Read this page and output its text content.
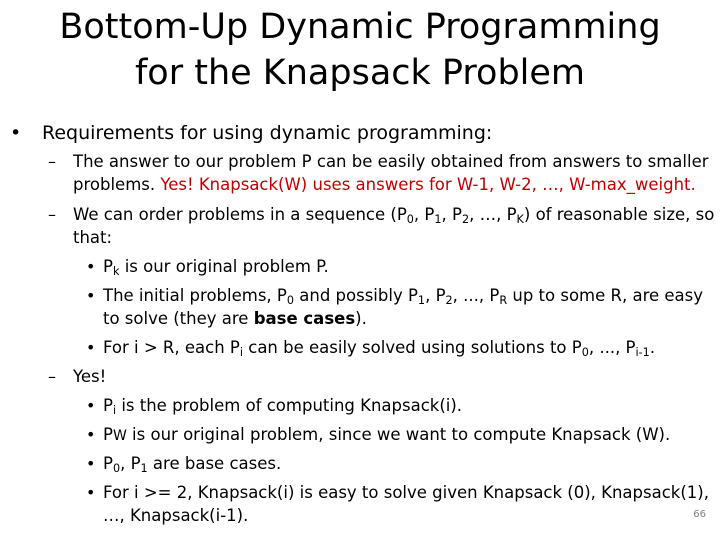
Bottom-Up Dynamic Programming
for the Knapsack Problem
• Requirements for using dynamic programming:
– The answer to our problem P can be easily obtained from answers to smaller
problems. Yes! Knapsack(W) uses answers for W-1, W-2, …, W-max_weight.
– We can order problems in a sequence ($P_0$, $P_1$, $P_2$, …, $P_K$) of reasonable size, so
that:
• $P_k$ is our original problem P.
• The initial problems, $P_0$ and possibly $P_1$, $P_2$, ..., $P_R$ up to some R, are easy
to solve (they are base cases).
• For i > R, each $P_i$ can be easily solved using solutions to $P_0$, ..., $P_{i-1}$.
– Yes!
• $P_i$ is the problem of computing Knapsack(i).
• PW is our original problem, since we want to compute Knapsack (W).
• $P_0$, $P_1$ are base cases.
• For i >= 2, Knapsack(i) is easy to solve given Knapsack (0), Knapsack(1),
…, Knapsack(i-1).	66
